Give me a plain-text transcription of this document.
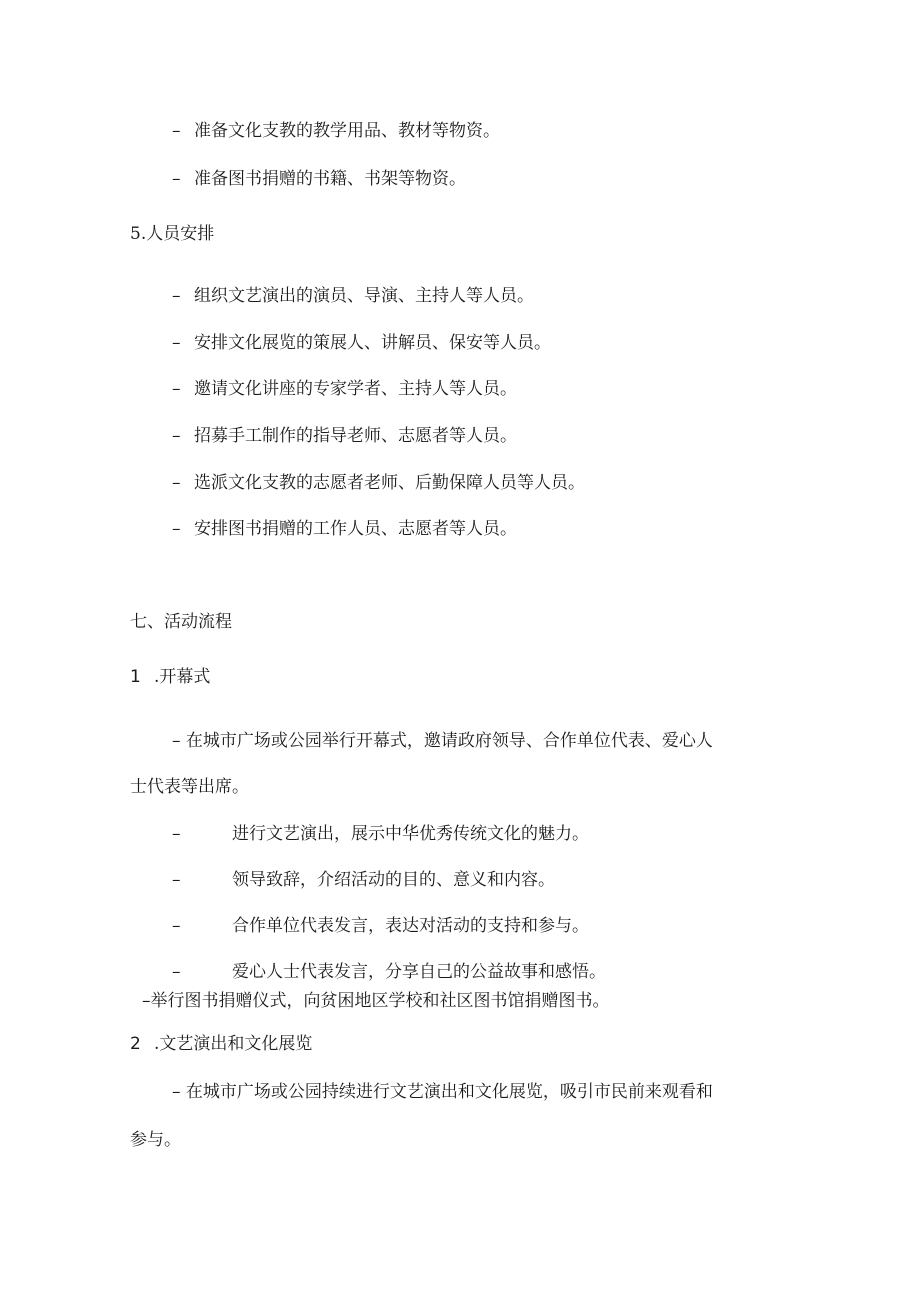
– 准备文化支教的教学用品、教材等物资。
– 准备图书捐赠的书籍、书架等物资。
5.人员安排
– 组织文艺演出的演员、导演、主持人等人员。
– 安排文化展览的策展人、讲解员、保安等人员。
– 邀请文化讲座的专家学者、主持人等人员。
– 招募手工制作的指导老师、志愿者等人员。
– 选派文化支教的志愿者老师、后勤保障人员等人员。
– 安排图书捐赠的工作人员、志愿者等人员。
七、活动流程
1 .开幕式
– 在城市广场或公园举行开幕式，邀请政府领导、合作单位代表、爱心人
士代表等出席。
–	进行文艺演出，展示中华优秀传统文化的魅力。
–	领导致辞，介绍活动的目的、意义和内容。
–	合作单位代表发言，表达对活动的支持和参与。
–	爱心人士代表发言，分享自己的公益故事和感悟。
–举行图书捐赠仪式，向贫困地区学校和社区图书馆捐赠图书。
2 .文艺演出和文化展览
– 在城市广场或公园持续进行文艺演出和文化展览，吸引市民前来观看和
参与。
